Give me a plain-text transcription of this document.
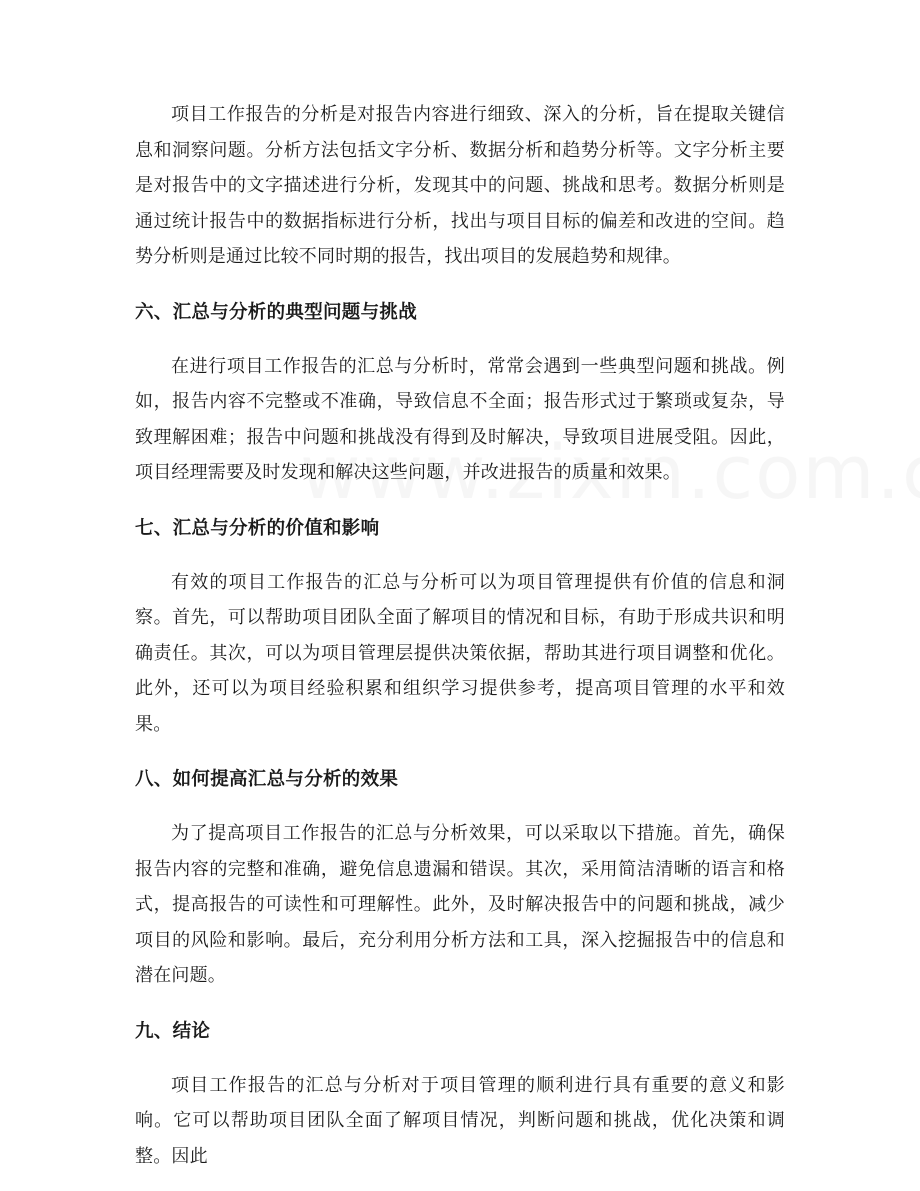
项目工作报告的分析是对报告内容进行细致、深入的分析，旨在提取关键信息和洞察问题。分析方法包括文字分析、数据分析和趋势分析等。文字分析主要是对报告中的文字描述进行分析，发现其中的问题、挑战和思考。数据分析则是通过统计报告中的数据指标进行分析，找出与项目目标的偏差和改进的空间。趋势分析则是通过比较不同时期的报告，找出项目的发展趋势和规律。

六、汇总与分析的典型问题与挑战

在进行项目工作报告的汇总与分析时，常常会遇到一些典型问题和挑战。例如，报告内容不完整或不准确，导致信息不全面；报告形式过于繁琐或复杂，导致理解困难；报告中问题和挑战没有得到及时解决，导致项目进展受阻。因此，项目经理需要及时发现和解决这些问题，并改进报告的质量和效果。

七、汇总与分析的价值和影响

有效的项目工作报告的汇总与分析可以为项目管理提供有价值的信息和洞察。首先，可以帮助项目团队全面了解项目的情况和目标，有助于形成共识和明确责任。其次，可以为项目管理层提供决策依据，帮助其进行项目调整和优化。此外，还可以为项目经验积累和组织学习提供参考，提高项目管理的水平和效果。

八、如何提高汇总与分析的效果

为了提高项目工作报告的汇总与分析效果，可以采取以下措施。首先，确保报告内容的完整和准确，避免信息遗漏和错误。其次，采用简洁清晰的语言和格式，提高报告的可读性和可理解性。此外，及时解决报告中的问题和挑战，减少项目的风险和影响。最后，充分利用分析方法和工具，深入挖掘报告中的信息和潜在问题。

九、结论

项目工作报告的汇总与分析对于项目管理的顺利进行具有重要的意义和影响。它可以帮助项目团队全面了解项目情况，判断问题和挑战，优化决策和调整。因此
